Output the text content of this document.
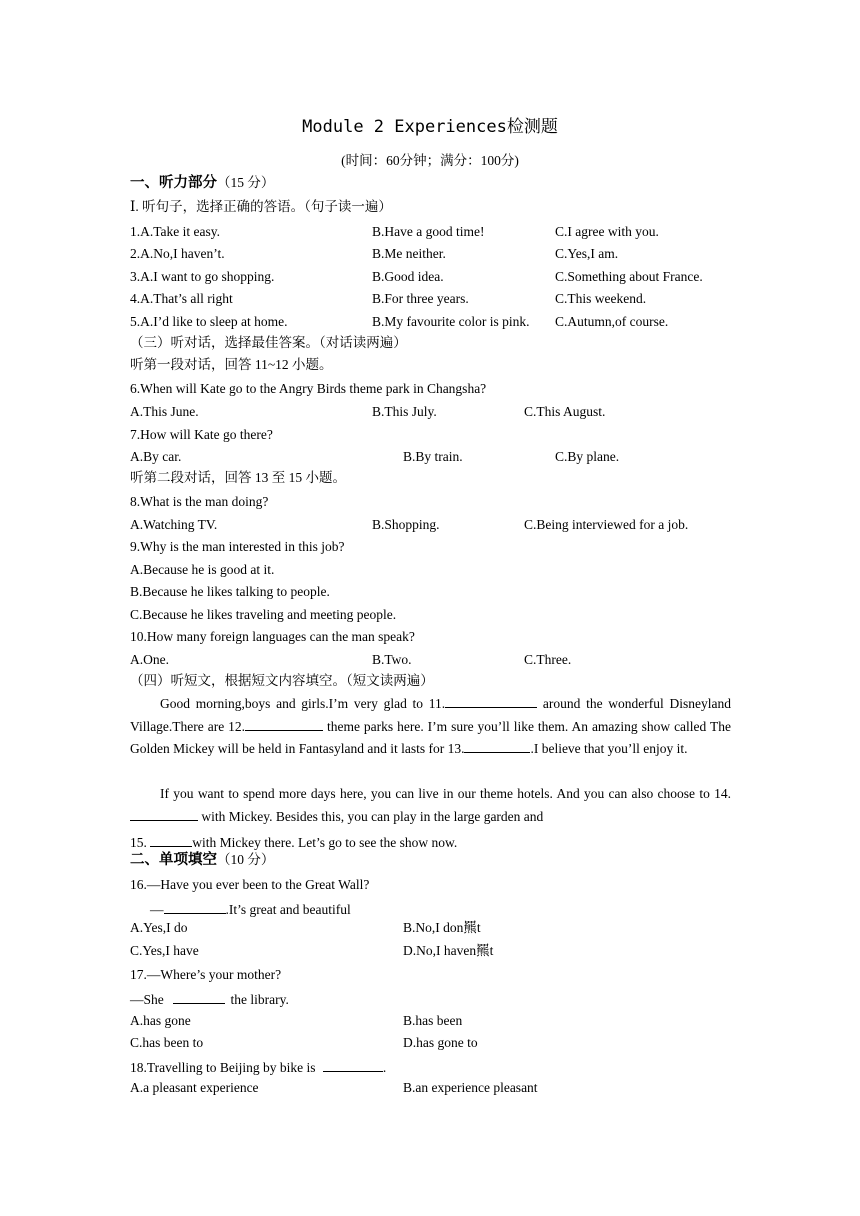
Module 2 Experiences检测题
(时间：60分钟；满分：100分)
一、听力部分（15 分）
Ⅰ. 听句子，选择正确的答语。（句子读一遍）
1.A.Take it easy.	B.Have a good time!	C.I agree with you.
2.A.No,I haven’t.	B.Me neither.	C.Yes,I am.
3.A.I want to go shopping.	B.Good idea.	C.Something about France.
4.A.That’s all right	B.For three years.	C.This weekend.
5.A.I’d like to sleep at home.	B.My favourite color is pink. C.Autumn,of course.
（三）听对话，选择最佳答案。（对话读两遍）
听第一段对话，回答 11~12 小题。
6.When will Kate go to the Angry Birds theme park in Changsha?
A.This June.	B.This July.	C.This August.
7.How will Kate go there?
A.By car.	B.By train.	C.By plane.
听第二段对话，回答 13 至 15 小题。
8.What is the man doing?
A.Watching TV.	B.Shopping.	C.Being interviewed for a job.
9.Why is the man interested in this job?
A.Because he is good at it.
B.Because he likes talking to people.
C.Because he likes traveling and meeting people.
10.How many foreign languages can the man speak?
A.One.	B.Two.	C.Three.
（四）听短文，根据短文内容填空。（短文读两遍）
Good morning,boys and girls.I’m very glad to 11.	around the wonderful Disneyland Village.There are 12.	theme parks here. I’m sure you’ll like them. An amazing show called The Golden Mickey will be held in Fantasyland and it lasts for 13.	.I believe that you’ll enjoy it.
If you want to spend more days here, you can live in our theme hotels. And you can also choose to 14. with Mickey. Besides this, you can play in the large garden and
15.	with Mickey there. Let’s go to see the show now.
二、单项填空（10 分）
16.—Have you ever been to the Great Wall?
—	.It’s great and beautiful
A.Yes,I do	B.No,I don羆t
C.Yes,I have	D.No,I haven羆t
17.—Where’s your mother?
—She	the library.
A.has gone	B.has been
C.has been to	D.has gone to
18.Travelling to Beijing by bike is	.
A.a pleasant experience	B.an experience pleasant
